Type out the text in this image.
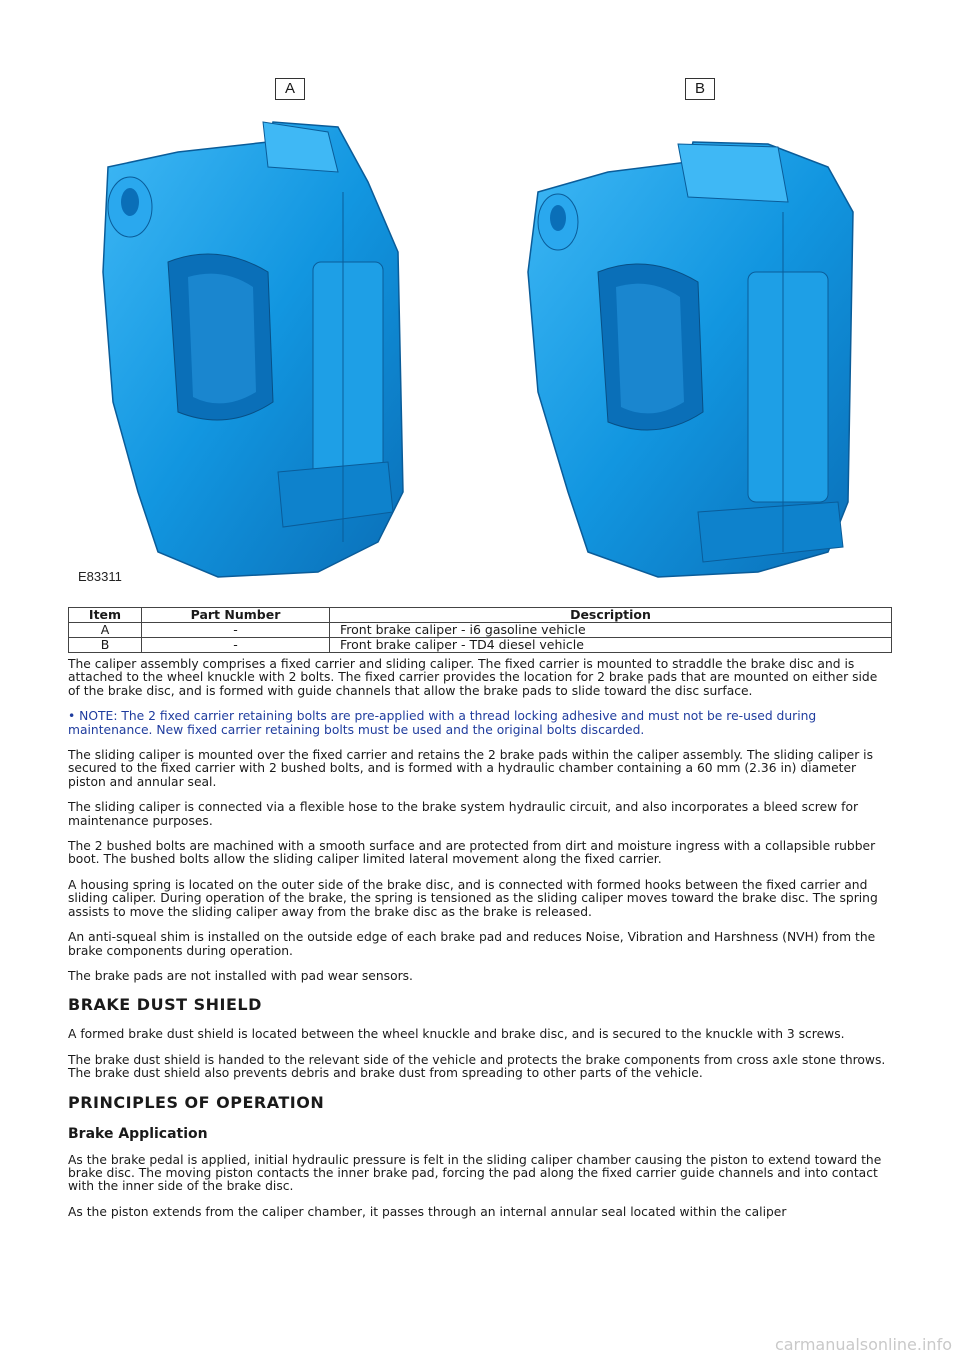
A	B
E83311
Item	Part Number	Description
A	-	Front brake caliper - i6 gasoline vehicle
B	-	Front brake caliper - TD4 diesel vehicle

The caliper assembly comprises a fixed carrier and sliding caliper. The fixed carrier is mounted to straddle the brake disc and is attached to the wheel knuckle with 2 bolts. The fixed carrier provides the location for 2 brake pads that are mounted on either side of the brake disc, and is formed with guide channels that allow the brake pads to slide toward the disc surface.

• NOTE: The 2 fixed carrier retaining bolts are pre-applied with a thread locking adhesive and must not be re-used during maintenance. New fixed carrier retaining bolts must be used and the original bolts discarded.

The sliding caliper is mounted over the fixed carrier and retains the 2 brake pads within the caliper assembly. The sliding caliper is secured to the fixed carrier with 2 bushed bolts, and is formed with a hydraulic chamber containing a 60 mm (2.36 in) diameter piston and annular seal.

The sliding caliper is connected via a flexible hose to the brake system hydraulic circuit, and also incorporates a bleed screw for maintenance purposes.

The 2 bushed bolts are machined with a smooth surface and are protected from dirt and moisture ingress with a collapsible rubber boot. The bushed bolts allow the sliding caliper limited lateral movement along the fixed carrier.

A housing spring is located on the outer side of the brake disc, and is connected with formed hooks between the fixed carrier and sliding caliper. During operation of the brake, the spring is tensioned as the sliding caliper moves toward the brake disc. The spring assists to move the sliding caliper away from the brake disc as the brake is released.

An anti-squeal shim is installed on the outside edge of each brake pad and reduces Noise, Vibration and Harshness (NVH) from the brake components during operation.

The brake pads are not installed with pad wear sensors.

BRAKE DUST SHIELD

A formed brake dust shield is located between the wheel knuckle and brake disc, and is secured to the knuckle with 3 screws.

The brake dust shield is handed to the relevant side of the vehicle and protects the brake components from cross axle stone throws. The brake dust shield also prevents debris and brake dust from spreading to other parts of the vehicle.

PRINCIPLES OF OPERATION
Brake Application

As the brake pedal is applied, initial hydraulic pressure is felt in the sliding caliper chamber causing the piston to extend toward the brake disc. The moving piston contacts the inner brake pad, forcing the pad along the fixed carrier guide channels and into contact with the inner side of the brake disc.

As the piston extends from the caliper chamber, it passes through an internal annular seal located within the caliper

carmanualsonline.info
